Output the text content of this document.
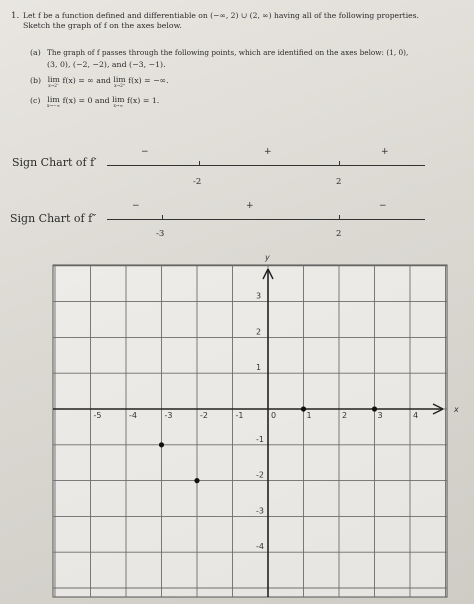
1. Let f be a function defined and differentiable on (−∞, 2) ∪ (2, ∞) having all of the following properties.
Sketch the graph of f on the axes below.
(a) The graph of f passes through the following points, which are identified on the axes below: (1, 0),
(3, 0), (−2, −2), and (−3, −1).
(b) lim
x→2⁻
f(x) = ∞ and lim
x→2⁺
f(x) = −∞.
(c) lim
x→−∞
f(x) = 0 and lim
x→∞
f(x) = 1.
Sign Chart of f′
−	+	+
-2	2
Sign Chart of f″
−	+	−
-3	2
x
y
-5	-4	-3	-2	-1	0	1	2	3	4
3
2
1
-1
-2
-3
-4
